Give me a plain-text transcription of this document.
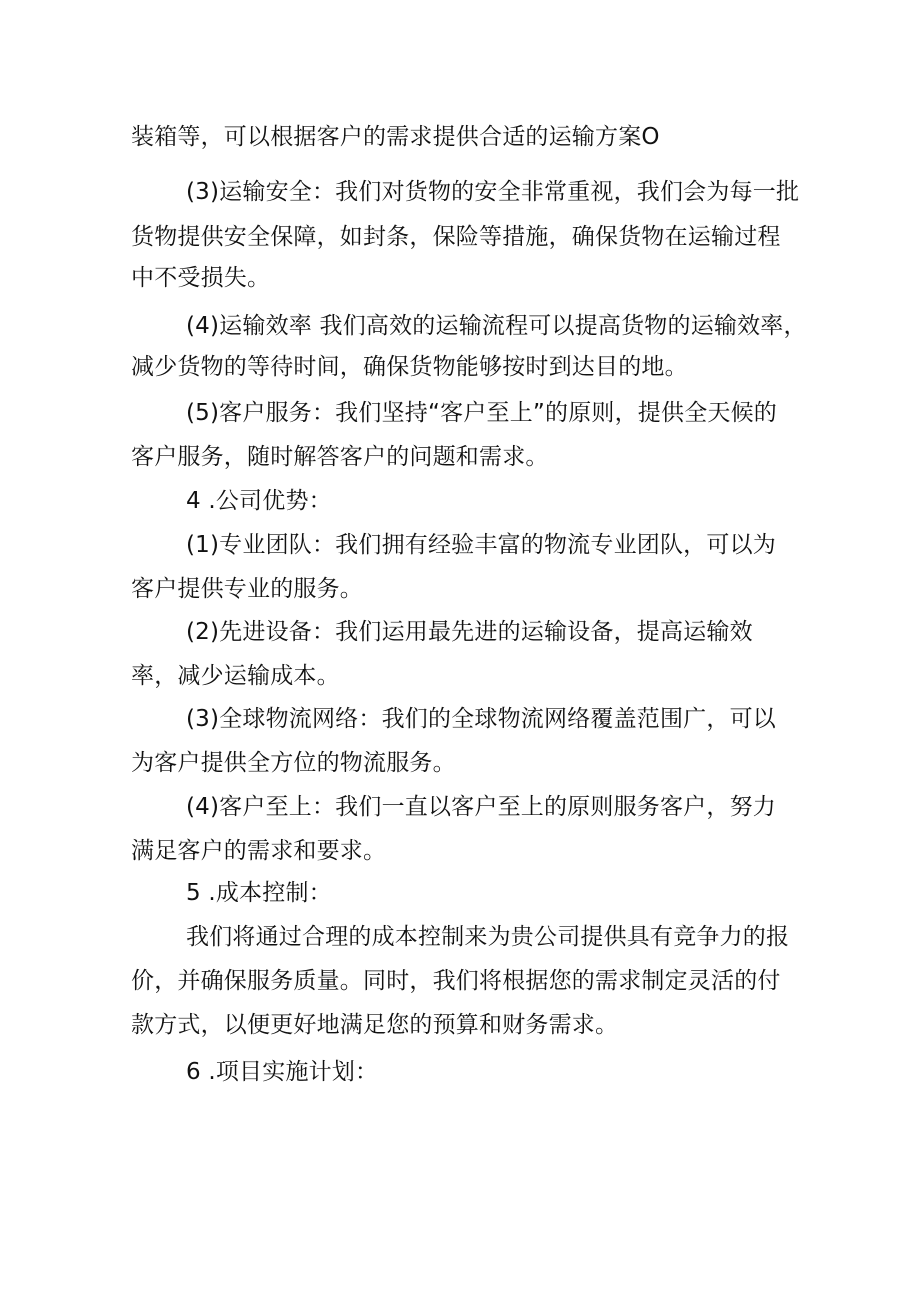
装箱等，可以根据客户的需求提供合适的运输方案O
(3)运输安全：我们对货物的安全非常重视，我们会为每一批
货物提供安全保障，如封条，保险等措施，确保货物在运输过程
中不受损失。
(4)运输效率 我们高效的运输流程可以提高货物的运输效率，
减少货物的等待时间，确保货物能够按时到达目的地。
(5)客户服务：我们坚持“客户至上”的原则，提供全天候的
客户服务，随时解答客户的问题和需求。
4 .公司优势：
(1)专业团队：我们拥有经验丰富的物流专业团队，可以为
客户提供专业的服务。
(2)先进设备：我们运用最先进的运输设备，提高运输效
率，减少运输成本。
(3)全球物流网络：我们的全球物流网络覆盖范围广，可以
为客户提供全方位的物流服务。
(4)客户至上：我们一直以客户至上的原则服务客户，努力
满足客户的需求和要求。
5 .成本控制：
我们将通过合理的成本控制来为贵公司提供具有竞争力的报
价，并确保服务质量。同时，我们将根据您的需求制定灵活的付
款方式，以便更好地满足您的预算和财务需求。
6 .项目实施计划：
